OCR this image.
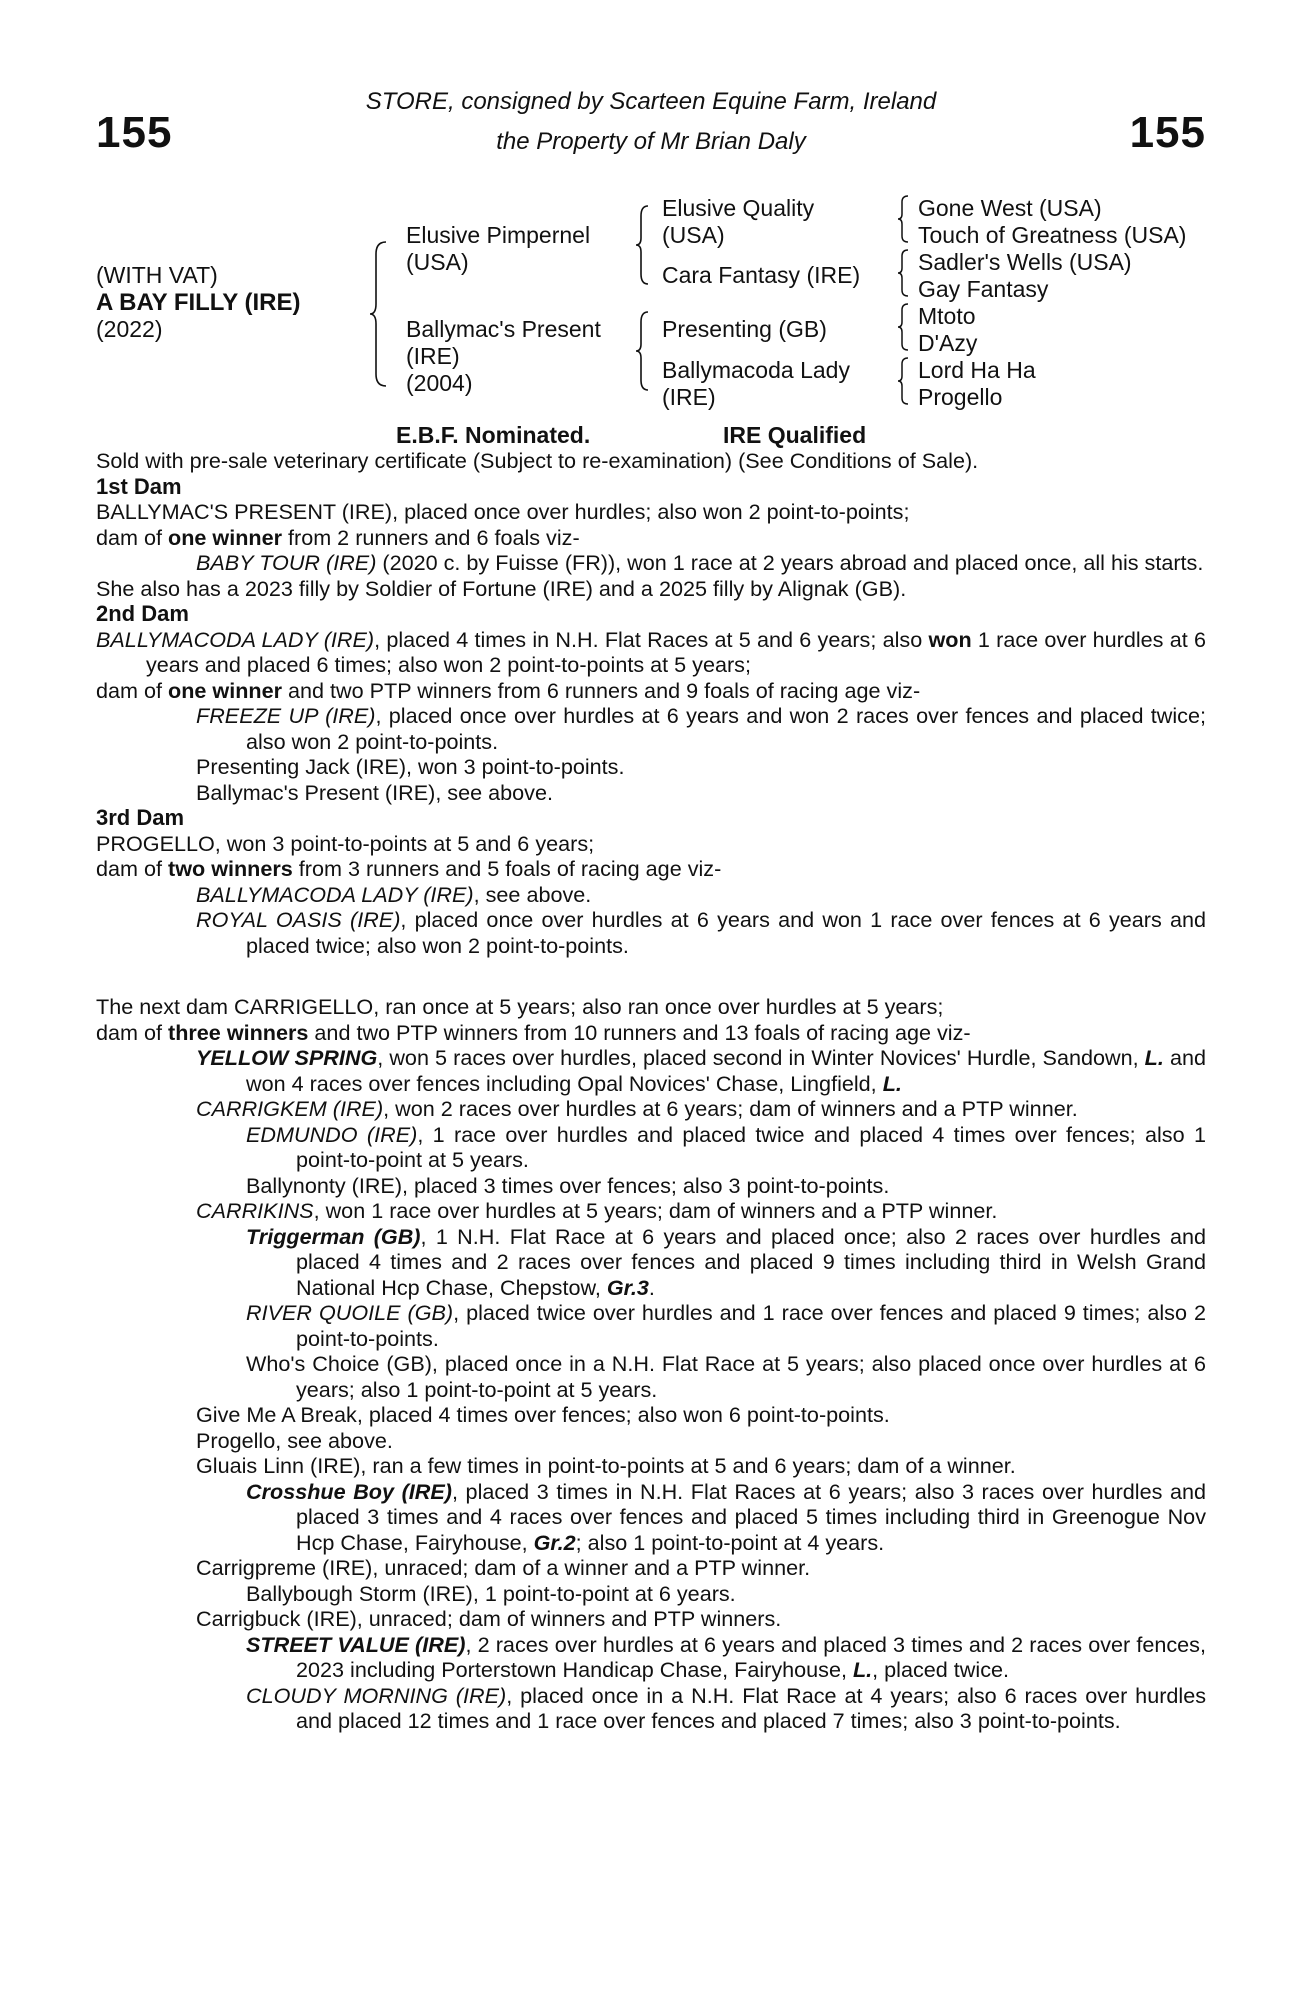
155	155
STORE, consigned by Scarteen Equine Farm, Ireland
the Property of Mr Brian Daly
(WITH VAT)
A BAY FILLY (IRE)
(2022)
Elusive Pimpernel
(USA)
Ballymac's Present
(IRE)
(2004)
Elusive Quality
(USA)
Cara Fantasy (IRE)
Presenting (GB)
Ballymacoda Lady
(IRE)
Gone West (USA)
Touch of Greatness (USA)
Sadler's Wells (USA)
Gay Fantasy
Mtoto
D'Azy
Lord Ha Ha
Progello
E.B.F. Nominated.	IRE Qualified

Sold with pre-sale veterinary certificate (Subject to re-examination) (See Conditions of Sale).

1st Dam

BALLYMAC'S PRESENT (IRE), placed once over hurdles; also won 2 point-to-points;

dam of one winner from 2 runners and 6 foals viz-

BABY TOUR (IRE) (2020 c. by Fuisse (FR)), won 1 race at 2 years abroad and placed once, all his starts.

She also has a 2023 filly by Soldier of Fortune (IRE) and a 2025 filly by Alignak (GB).

2nd Dam

BALLYMACODA LADY (IRE), placed 4 times in N.H. Flat Races at 5 and 6 years; also won 1 race over hurdles at 6 years and placed 6 times; also won 2 point-to-points at 5 years;

dam of one winner and two PTP winners from 6 runners and 9 foals of racing age viz-

FREEZE UP (IRE), placed once over hurdles at 6 years and won 2 races over fences and placed twice; also won 2 point-to-points.

Presenting Jack (IRE), won 3 point-to-points.

Ballymac's Present (IRE), see above.

3rd Dam

PROGELLO, won 3 point-to-points at 5 and 6 years;

dam of two winners from 3 runners and 5 foals of racing age viz-

BALLYMACODA LADY (IRE), see above.

ROYAL OASIS (IRE), placed once over hurdles at 6 years and won 1 race over fences at 6 years and placed twice; also won 2 point-to-points.

The next dam CARRIGELLO, ran once at 5 years; also ran once over hurdles at 5 years;

dam of three winners and two PTP winners from 10 runners and 13 foals of racing age viz-

YELLOW SPRING, won 5 races over hurdles, placed second in Winter Novices' Hurdle, Sandown, L. and won 4 races over fences including Opal Novices' Chase, Lingfield, L.

CARRIGKEM (IRE), won 2 races over hurdles at 6 years; dam of winners and a PTP winner.

EDMUNDO (IRE), 1 race over hurdles and placed twice and placed 4 times over fences; also 1 point-to-point at 5 years.

Ballynonty (IRE), placed 3 times over fences; also 3 point-to-points.

CARRIKINS, won 1 race over hurdles at 5 years; dam of winners and a PTP winner.

Triggerman (GB), 1 N.H. Flat Race at 6 years and placed once; also 2 races over hurdles and placed 4 times and 2 races over fences and placed 9 times including third in Welsh Grand National Hcp Chase, Chepstow, Gr.3.

RIVER QUOILE (GB), placed twice over hurdles and 1 race over fences and placed 9 times; also 2 point-to-points.

Who's Choice (GB), placed once in a N.H. Flat Race at 5 years; also placed once over hurdles at 6 years; also 1 point-to-point at 5 years.

Give Me A Break, placed 4 times over fences; also won 6 point-to-points.

Progello, see above.

Gluais Linn (IRE), ran a few times in point-to-points at 5 and 6 years; dam of a winner.

Crosshue Boy (IRE), placed 3 times in N.H. Flat Races at 6 years; also 3 races over hurdles and placed 3 times and 4 races over fences and placed 5 times including third in Greenogue Nov Hcp Chase, Fairyhouse, Gr.2; also 1 point-to-point at 4 years.

Carrigpreme (IRE), unraced; dam of a winner and a PTP winner.

Ballybough Storm (IRE), 1 point-to-point at 6 years.

Carrigbuck (IRE), unraced; dam of winners and PTP winners.

STREET VALUE (IRE), 2 races over hurdles at 6 years and placed 3 times and 2 races over fences, 2023 including Porterstown Handicap Chase, Fairyhouse, L., placed twice.

CLOUDY MORNING (IRE), placed once in a N.H. Flat Race at 4 years; also 6 races over hurdles and placed 12 times and 1 race over fences and placed 7 times; also 3 point-to-points.
